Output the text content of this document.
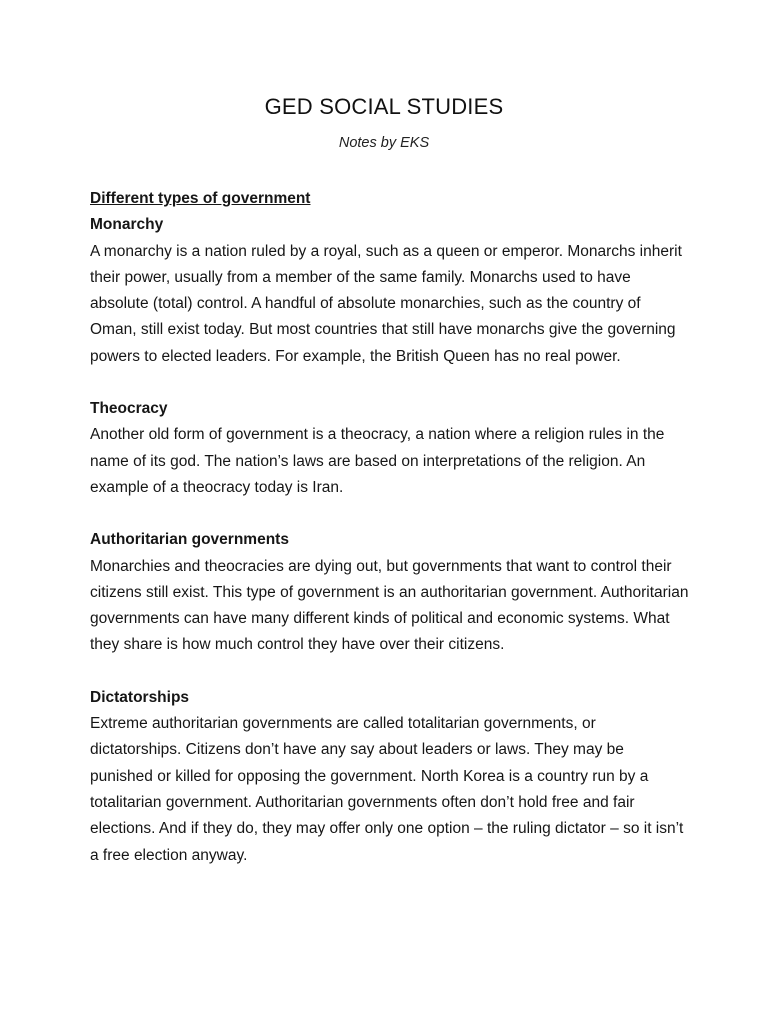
GED SOCIAL STUDIES
Notes by EKS

Different types of government

Monarchy

A monarchy is a nation ruled by a royal, such as a queen or emperor. Monarchs inherit their power, usually from a member of the same family. Monarchs used to have absolute (total) control. A handful of absolute monarchies, such as the country of Oman, still exist today. But most countries that still have monarchs give the governing powers to elected leaders. For example, the British Queen has no real power.

Theocracy

Another old form of government is a theocracy, a nation where a religion rules in the name of its god. The nation’s laws are based on interpretations of the religion. An example of a theocracy today is Iran.

Authoritarian governments

Monarchies and theocracies are dying out, but governments that want to control their citizens still exist. This type of government is an authoritarian government. Authoritarian governments can have many different kinds of political and economic systems. What they share is how much control they have over their citizens.

Dictatorships

Extreme authoritarian governments are called totalitarian governments, or dictatorships. Citizens don’t have any say about leaders or laws. They may be punished or killed for opposing the government. North Korea is a country run by a totalitarian government. Authoritarian governments often don’t hold free and fair elections. And if they do, they may offer only one option – the ruling dictator – so it isn’t a free election anyway.
